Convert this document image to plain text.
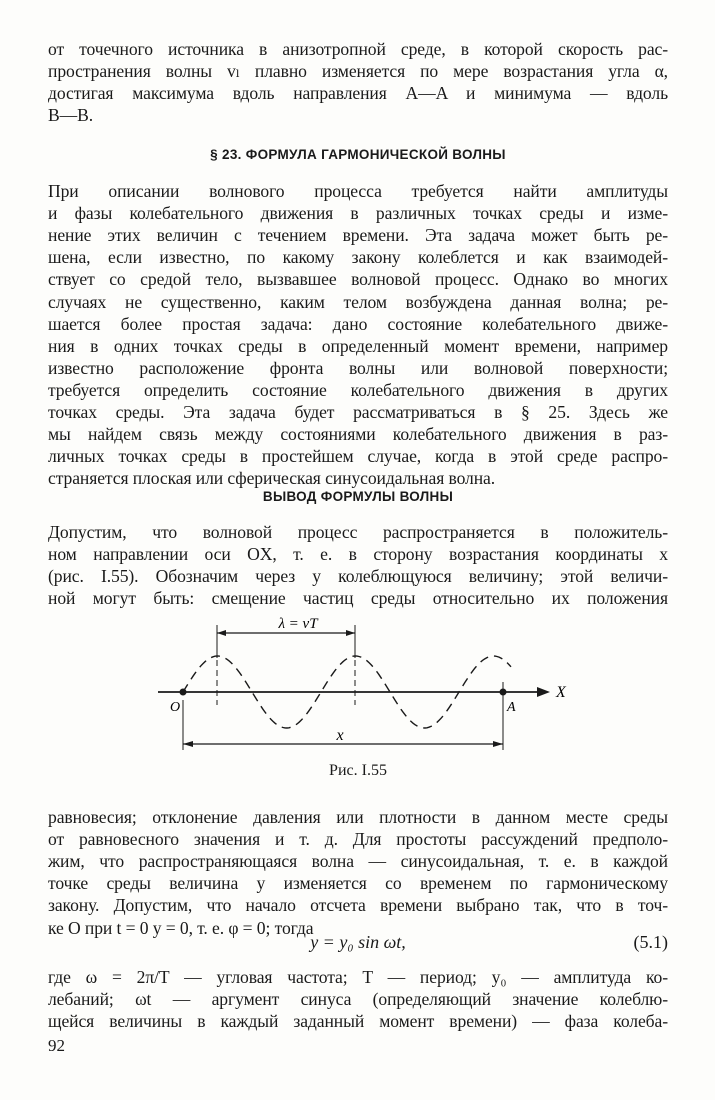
от точечного источника в анизотропной среде, в которой скорость рас-
пространения волны vₗ плавно изменяется по мере возрастания угла α,
достигая максимума вдоль направления A—A и минимума — вдоль
B—B.
§ 23. ФОРМУЛА ГАРМОНИЧЕСКОЙ ВОЛНЫ
При описании волнового процесса требуется найти амплитуды
и фазы колебательного движения в различных точках среды и изме-
нение этих величин с течением времени. Эта задача может быть ре-
шена, если известно, по какому закону колеблется и как взаимодей-
ствует со средой тело, вызвавшее волновой процесс. Однако во многих
случаях не существенно, каким телом возбуждена данная волна; ре-
шается более простая задача: дано состояние колебательного движе-
ния в одних точках среды в определенный момент времени, например
известно расположение фронта волны или волновой поверхности;
требуется определить состояние колебательного движения в других
точках среды. Эта задача будет рассматриваться в § 25. Здесь же
мы найдем связь между состояниями колебательного движения в раз-
личных точках среды в простейшем случае, когда в этой среде распро-
страняется плоская или сферическая синусоидальная волна.
ВЫВОД ФОРМУЛЫ ВОЛНЫ
Допустим, что волновой процесс распространяется в положитель-
ном направлении оси OX, т. е. в сторону возрастания координаты x
(рис. I.55). Обозначим через y колеблющуюся величину; этой величи-
ной могут быть: смещение частиц среды относительно их положения
λ = vT
X
O	A
x
Рис. I.55
равновесия; отклонение давления или плотности в данном месте среды
от равновесного значения и т. д. Для простоты рассуждений предполо-
жим, что распространяющаяся волна — синусоидальная, т. е. в каждой
точке среды величина y изменяется со временем по гармоническому
закону. Допустим, что начало отсчета времени выбрано так, что в точ-
ке O при t = 0 y = 0, т. е. φ = 0; тогда
y = y₀ sin ωt,	(5.1)
где ω = 2π/T — угловая частота; T — период; y₀ — амплитуда ко-
лебаний; ωt — аргумент синуса (определяющий значение колеблю-
щейся величины в каждый заданный момент времени) — фаза колеба-
92
